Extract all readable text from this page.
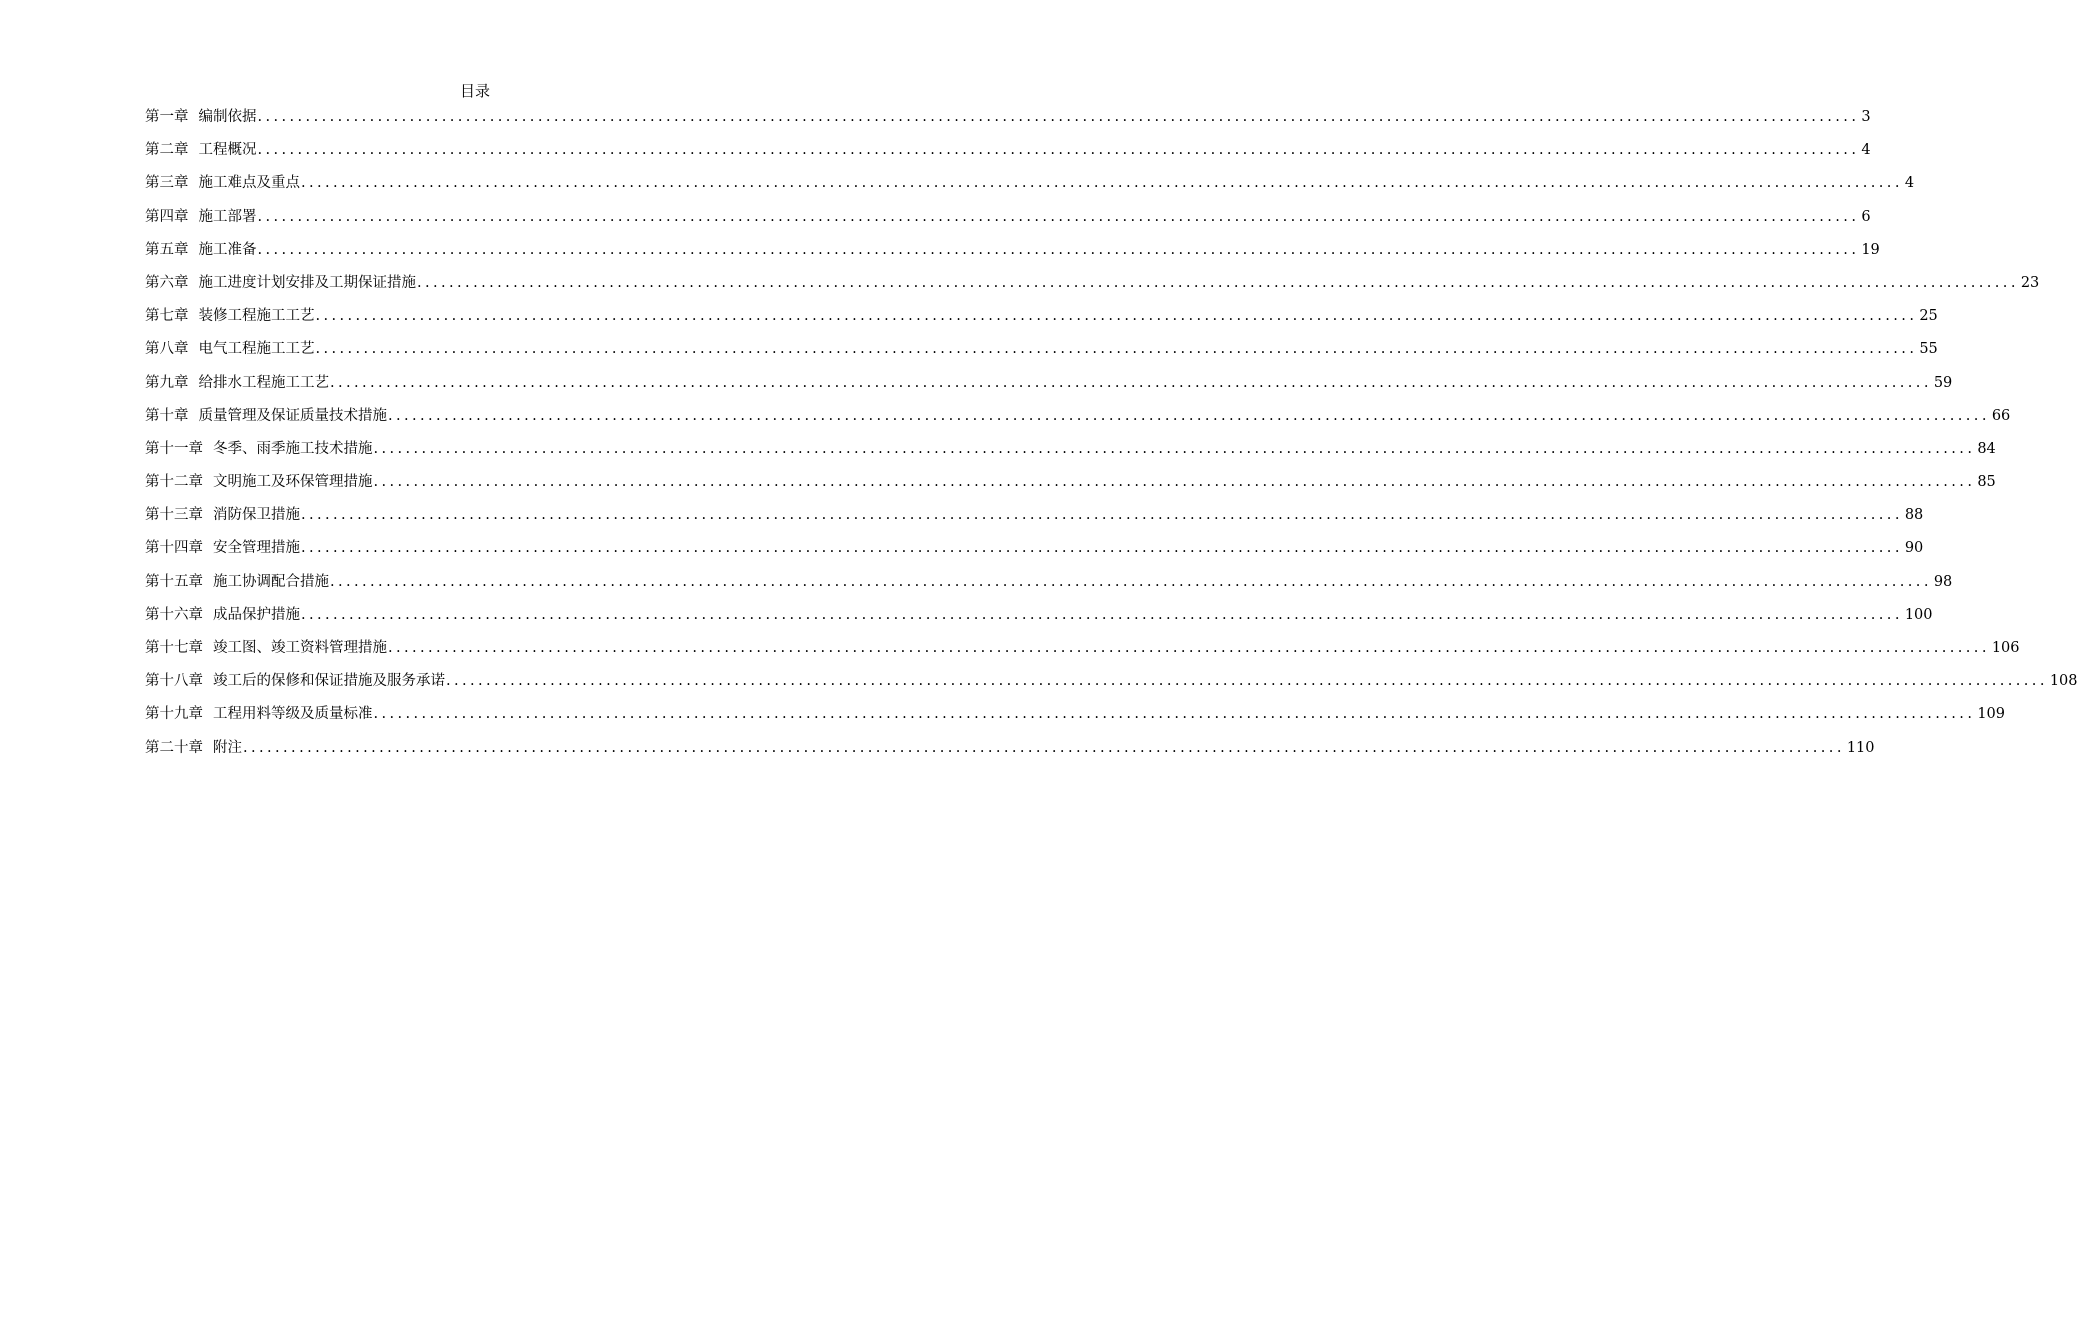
目录
第一章 编制依据 ........................................................................................................................................................................................................ 3
第二章 工程概况 ........................................................................................................................................................................................................ 4
第三章 施工难点及重点 ........................................................................................................................................................................................................ 4
第四章 施工部署 ........................................................................................................................................................................................................ 6
第五章 施工准备 ........................................................................................................................................................................................................ 19
第六章 施工进度计划安排及工期保证措施 ........................................................................................................................................................................................................ 23
第七章 装修工程施工工艺 ........................................................................................................................................................................................................ 25
第八章 电气工程施工工艺 ........................................................................................................................................................................................................ 55
第九章 给排水工程施工工艺 ........................................................................................................................................................................................................ 59
第十章 质量管理及保证质量技术措施 ........................................................................................................................................................................................................ 66
第十一章 冬季、雨季施工技术措施 ........................................................................................................................................................................................................ 84
第十二章 文明施工及环保管理措施 ........................................................................................................................................................................................................ 85
第十三章 消防保卫措施 ........................................................................................................................................................................................................ 88
第十四章 安全管理措施 ........................................................................................................................................................................................................ 90
第十五章 施工协调配合措施 ........................................................................................................................................................................................................ 98
第十六章 成品保护措施 ........................................................................................................................................................................................................ 100
第十七章 竣工图、竣工资料管理措施 ........................................................................................................................................................................................................ 106
第十八章 竣工后的保修和保证措施及服务承诺 ........................................................................................................................................................................................................ 108
第十九章 工程用料等级及质量标准 ........................................................................................................................................................................................................ 109
第二十章 附注 ........................................................................................................................................................................................................ 110
